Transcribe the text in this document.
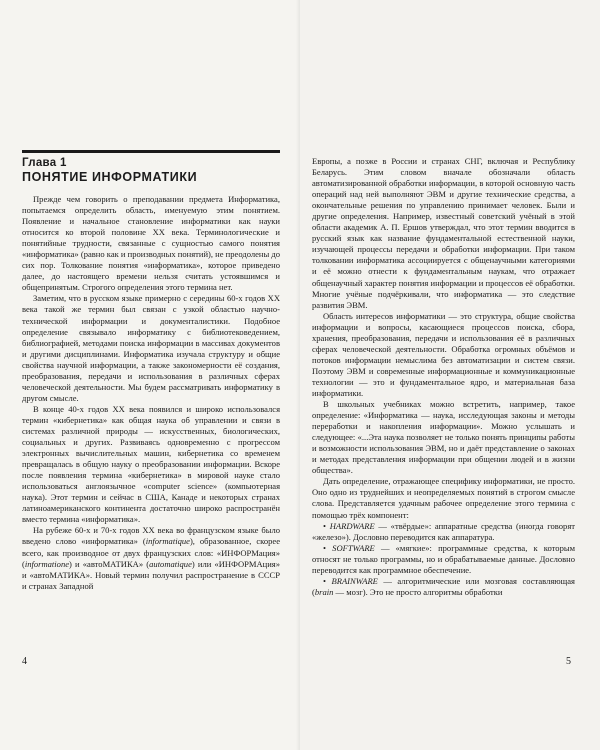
Глава 1
ПОНЯТИЕ ИНФОРМАТИКИ

Прежде чем говорить о преподавании предмета Информатика, попытаемся определить область, именуемую этим понятием. Появление и начальное становление информатики как науки относится ко второй половине XX века. Терминологические и понятийные трудности, связанные с сущностью самого понятия «информатика» (равно как и производных понятий), не преодолены до сих пор. Толкование понятия «информатика», которое приведено далее, до настоящего времени нельзя считать устоявшимся и общепринятым. Строгого определения этого термина нет.

Заметим, что в русском языке примерно с середины 60-х годов XX века такой же термин был связан с узкой областью научно-технической информации и документалистики. Подобное определение связывало информатику с библиотековедением, библиографией, методами поиска информации в массивах документов и другими дисциплинами. Информатика изучала структуру и общие свойства научной информации, а также закономерности её создания, преобразования, передачи и использования в различных сферах человеческой деятельности. Мы будем рассматривать информатику в другом смысле.

В конце 40-х годов XX века появился и широко использовался термин «кибернетика» как общая наука об управлении и связи в системах различной природы — искусственных, биологических, социальных и других. Развиваясь одновременно с прогрессом электронных вычислительных машин, кибернетика со временем превращалась в общую науку о преобразовании информации. Вскоре после появления термина «кибернетика» в мировой науке стало использоваться англоязычное «computer science» (компьютерная наука). Этот термин и сейчас в США, Канаде и некоторых странах латиноамериканского континента достаточно широко распространён вместо термина «информатика».

На рубеже 60-х и 70-х годов XX века во французском языке было введено слово «информатика» (informatique), образованное, скорее всего, как производное от двух французских слов: «ИНФОРМация» (informatione) и «автоМАТИКА» (automatique) или «ИНФОРМАция» и «автоМАТИКА». Новый термин получил распространение в СССР и странах Западной

4

Европы, а позже в России и странах СНГ, включая и Республику Беларусь. Этим словом вначале обозначали область автоматизированной обработки информации, в которой основную часть операций над ней выполняют ЭВМ и другие технические средства, а окончательные решения по управлению принимает человек. Были и другие определения. Например, известный советский учёный в этой области академик А. П. Ершов утверждал, что этот термин вводится в русский язык как название фундаментальной естественной науки, изучающей процессы передачи и обработки информации. При таком толковании информатика ассоциируется с общенаучными категориями и её можно отнести к фундаментальным наукам, что отражает общенаучный характер понятия информации и процессов её обработки. Многие учёные подчёркивали, что информатика — это следствие развития ЭВМ.

Область интересов информатики — это структура, общие свойства информации и вопросы, касающиеся процессов поиска, сбора, хранения, преобразования, передачи и использования её в различных сферах человеческой деятельности. Обработка огромных объёмов и потоков информации немыслима без автоматизации и систем связи. Поэтому ЭВМ и современные информационные и коммуникационные технологии — это и фундаментальное ядро, и материальная база информатики.

В школьных учебниках можно встретить, например, такое определение: «Информатика — наука, исследующая законы и методы переработки и накопления информации». Можно услышать и следующее: «...Эта наука позволяет не только понять принципы работы и возможности использования ЭВМ, но и даёт представление о законах и методах представления информации при общении людей и в жизни общества».

Дать определение, отражающее специфику информатики, не просто. Оно одно из труднейших и неопределяемых понятий в строгом смысле слова. Представляется удачным рабочее определение этого термина с помощью трёх компонент:

• HARDWARE — «твёрдые»: аппаратные средства (иногда говорят «железо»). Дословно переводится как аппаратура.

• SOFTWARE — «мягкие»: программные средства, к которым относят не только программы, но и обрабатываемые данные. Дословно переводится как программное обеспечение.

• BRAINWARE — алгоритмические или мозговая составляющая (brain — мозг). Это не просто алгоритмы обработки

5
